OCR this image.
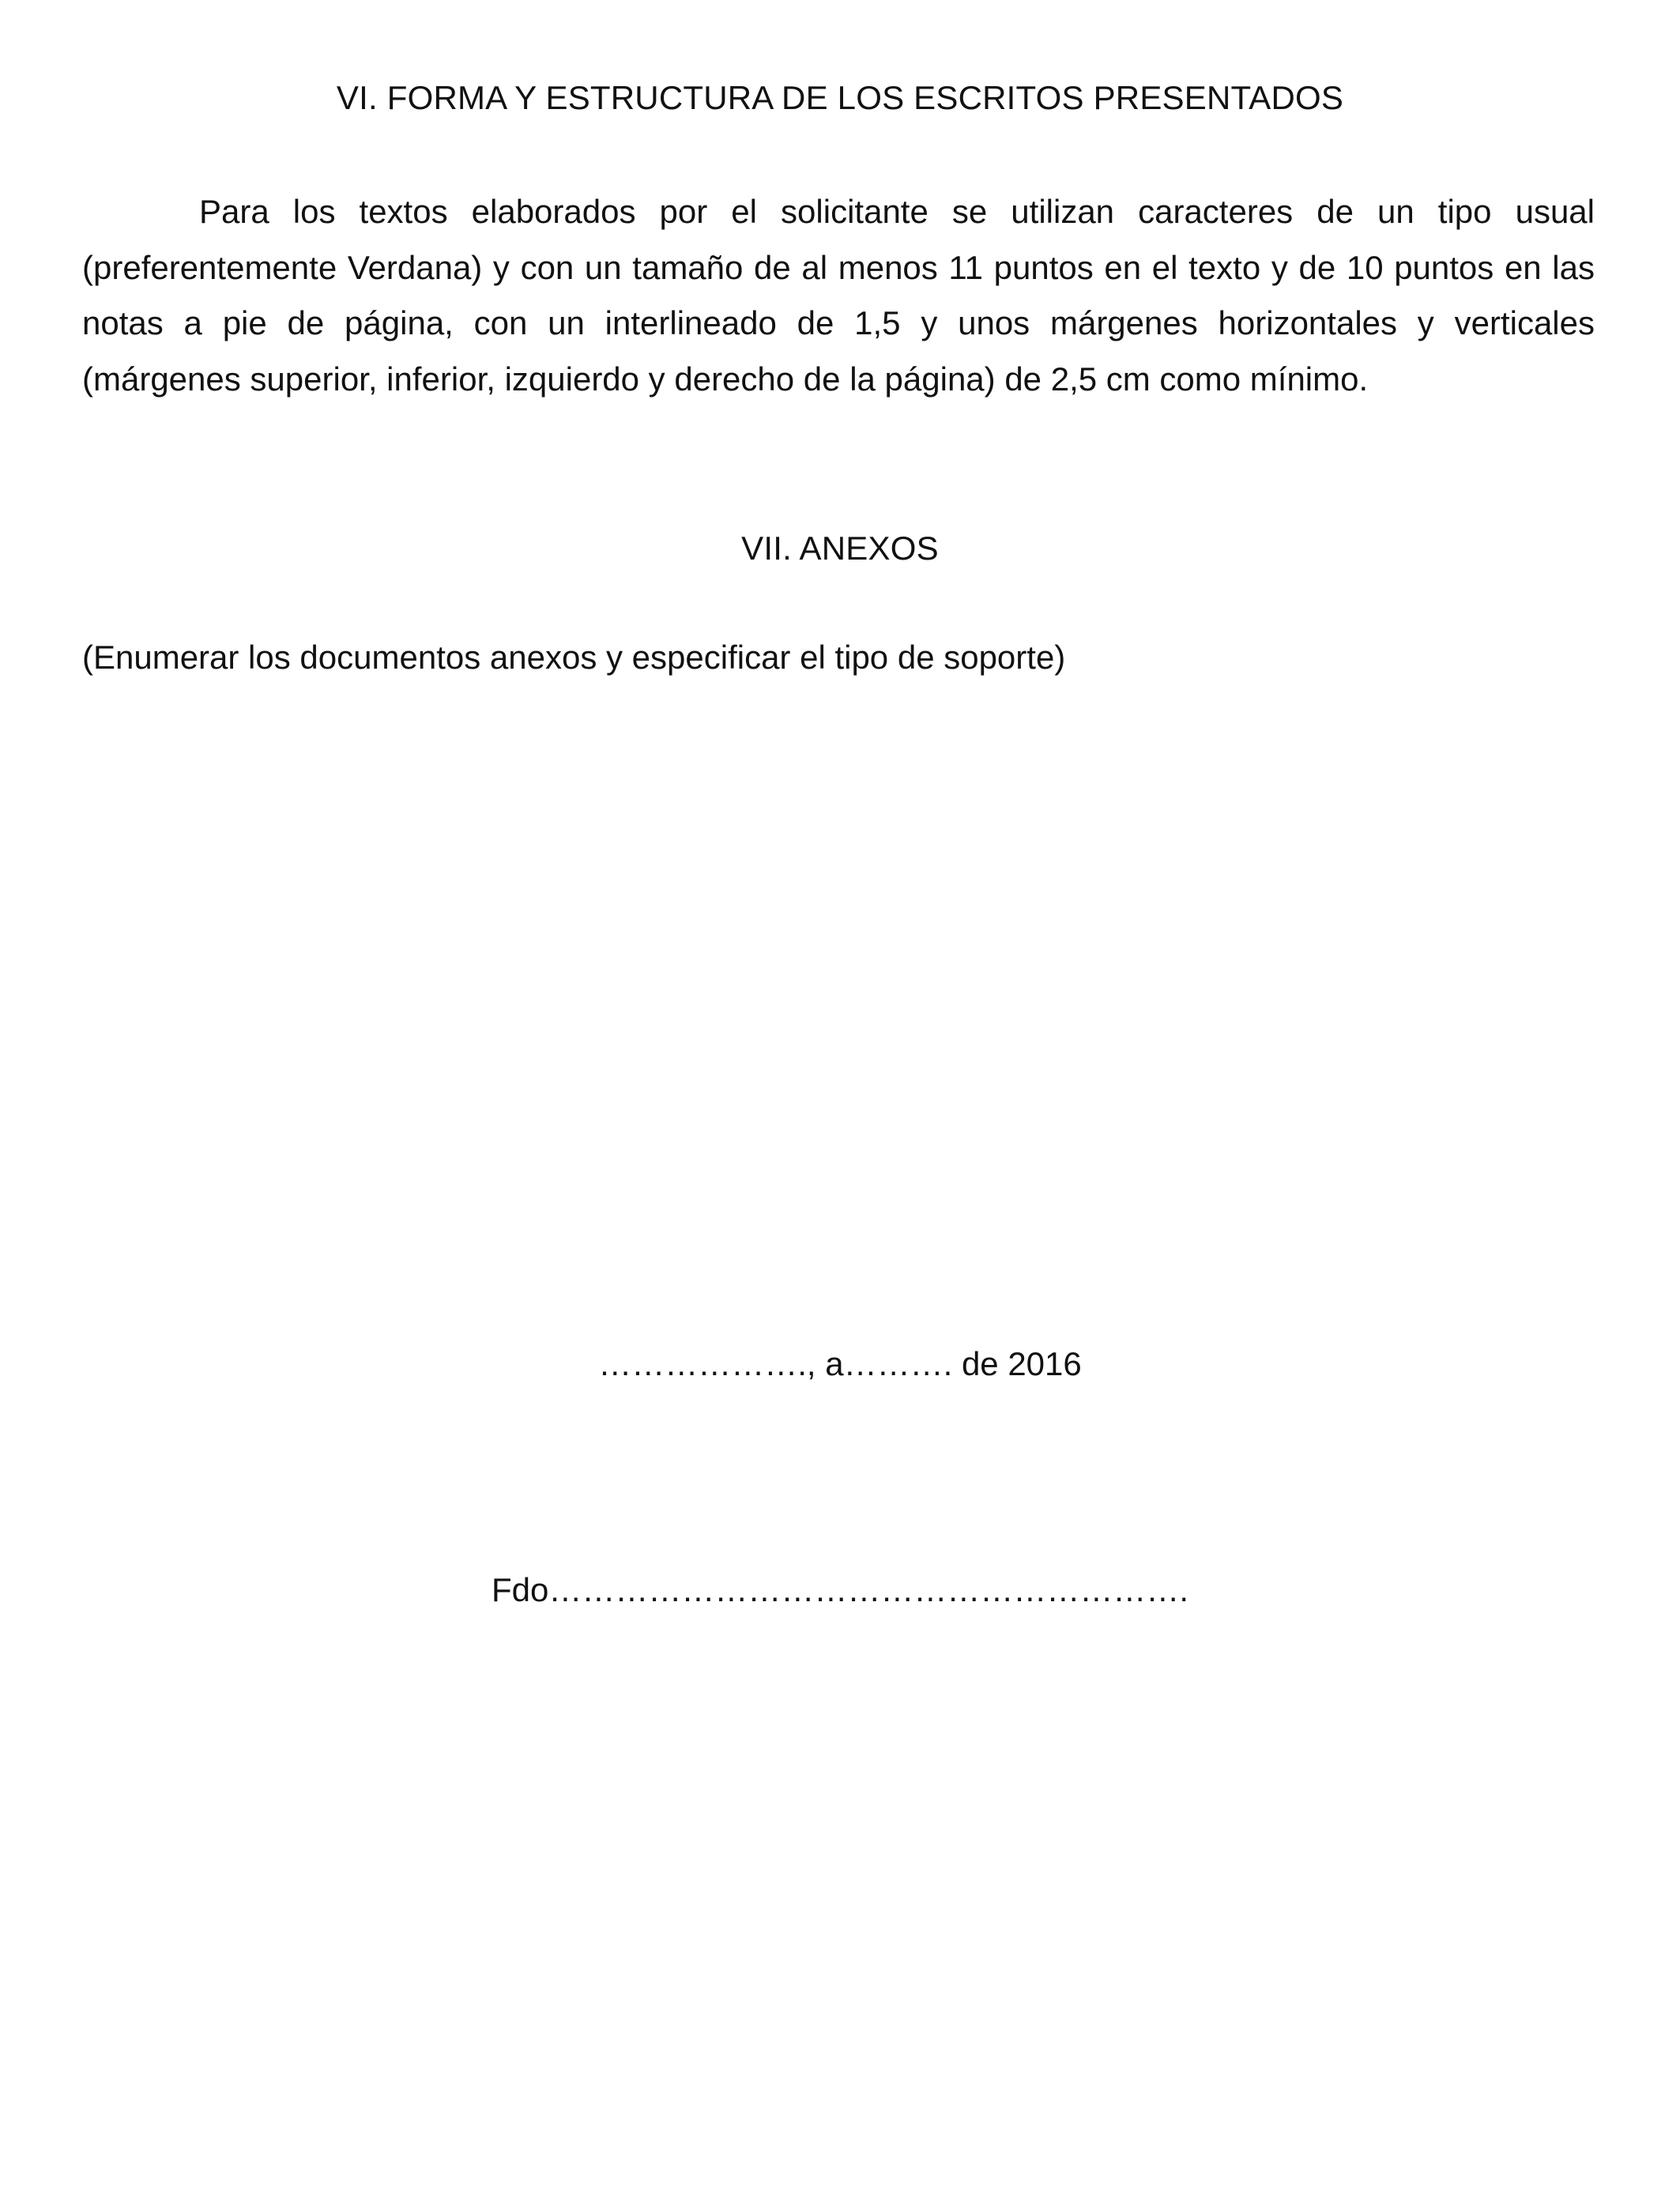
VI. FORMA Y ESTRUCTURA DE LOS ESCRITOS PRESENTADOS

Para los textos elaborados por el solicitante se utilizan caracteres de un tipo usual (preferentemente Verdana) y con un tamaño de al menos 11 puntos en el texto y de 10 puntos en las notas a pie de página, con un interlineado de 1,5 y unos márgenes horizontales y verticales (márgenes superior, inferior, izquierdo y derecho de la página) de 2,5 cm como mínimo.

VII. ANEXOS

(Enumerar los documentos anexos y especificar el tipo de soporte)

………………., a………. de 2016

Fdo………………………………………………….
